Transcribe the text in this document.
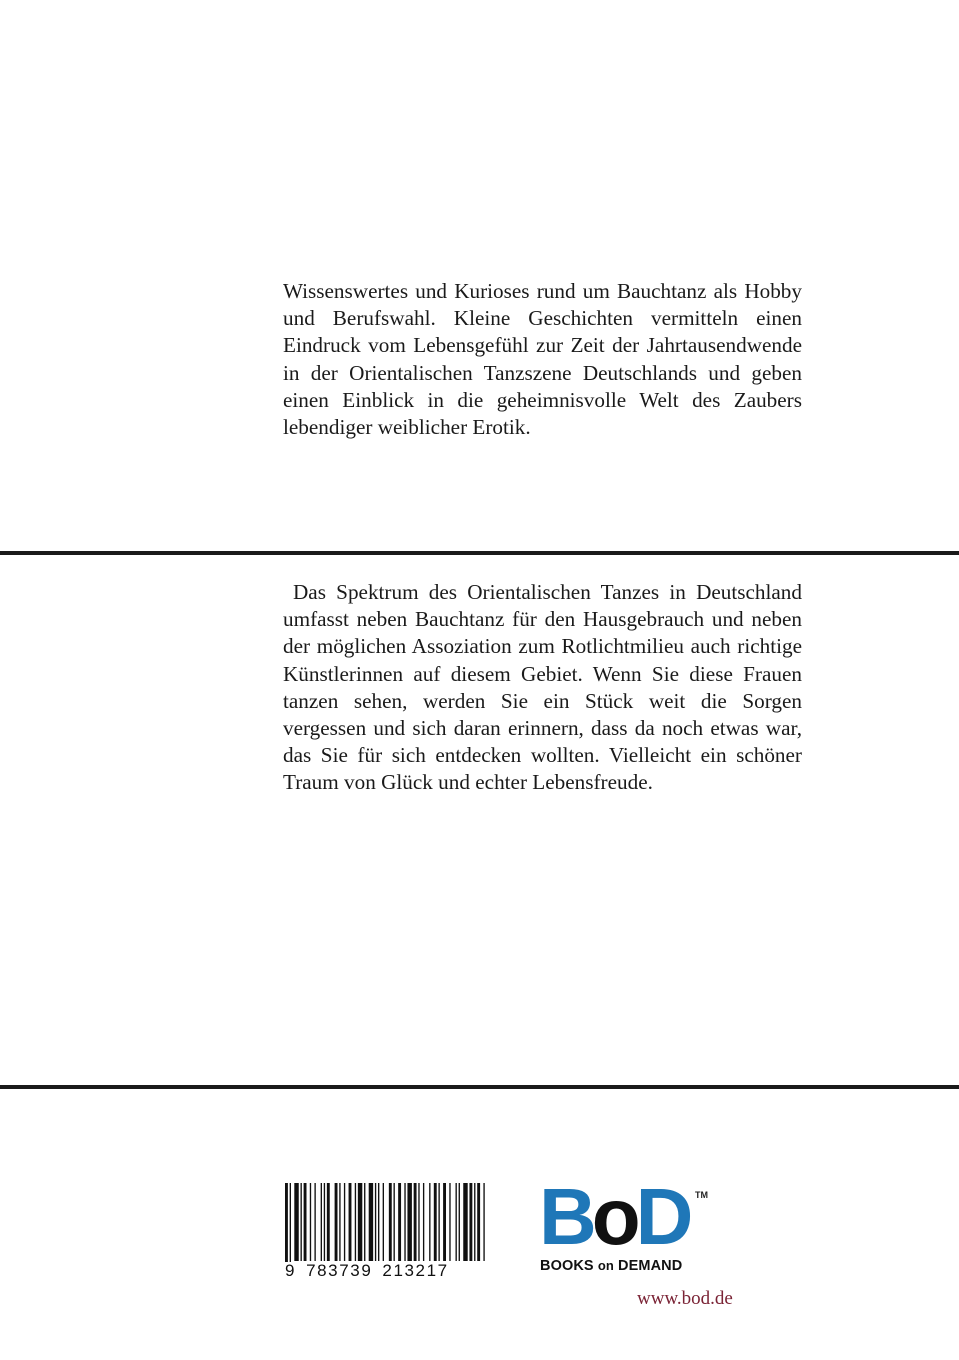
Wissenswertes und Kurioses rund um Bauchtanz als Hobby und Berufswahl. Kleine Geschichten vermitteln einen Eindruck vom Lebensgefühl zur Zeit der Jahrtausendwende in der Orientalischen Tanzszene Deutschlands und geben einen Einblick in die geheimnisvolle Welt des Zaubers lebendiger weiblicher Erotik.

Das Spektrum des Orientalischen Tanzes in Deutschland umfasst neben Bauchtanz für den Hausgebrauch und neben der möglichen Assoziation zum Rotlichtmilieu auch richtige Künstlerinnen auf diesem Gebiet. Wenn Sie diese Frauen tanzen sehen, werden Sie ein Stück weit die Sorgen vergessen und sich daran erinnern, dass da noch etwas war, das Sie für sich entdecken wollten. Vielleicht ein schöner Traum von Glück und echter Lebensfreude.

9 783739 213217
BoD TM
BOOKS on DEMAND
www.bod.de
